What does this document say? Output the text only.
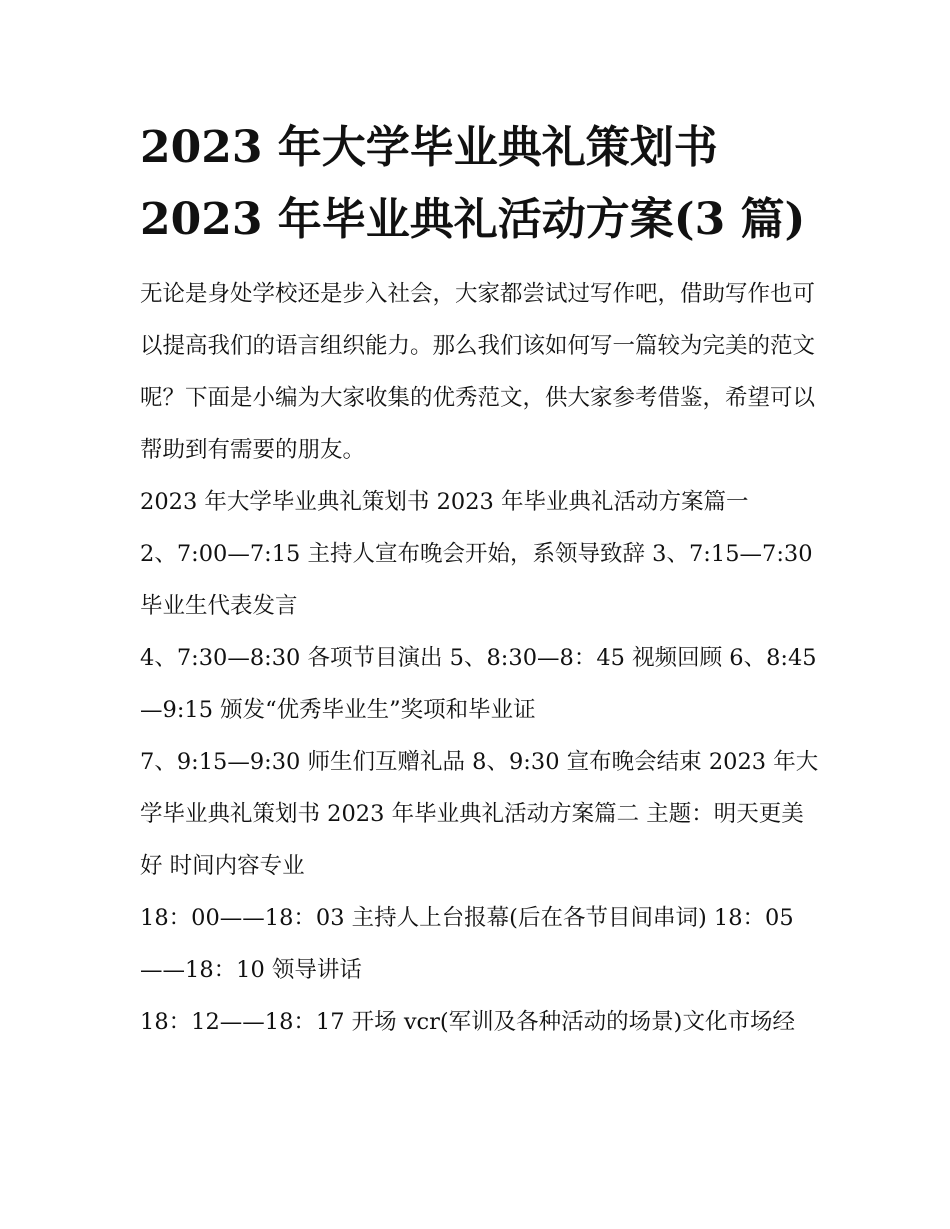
2023 年大学毕业典礼策划书 2023 年毕业典礼活动方案(3 篇)

无论是身处学校还是步入社会，大家都尝试过写作吧，借助写作也可以提高我们的语言组织能力。那么我们该如何写一篇较为完美的范文呢？下面是小编为大家收集的优秀范文，供大家参考借鉴，希望可以帮助到有需要的朋友。

2023 年大学毕业典礼策划书 2023 年毕业典礼活动方案篇一

2、7:00—7:15 主持人宣布晚会开始，系领导致辞 3、7:15—7:30 毕业生代表发言

4、7:30—8:30 各项节目演出 5、8:30—8：45 视频回顾 6、8:45—9:15 颁发“优秀毕业生”奖项和毕业证

7、9:15—9:30 师生们互赠礼品 8、9:30 宣布晚会结束 2023 年大学毕业典礼策划书 2023 年毕业典礼活动方案篇二 主题：明天更美好 时间内容专业

18：00——18：03 主持人上台报幕(后在各节目间串词) 18：05——18：10 领导讲话

18：12——18：17 开场 vcr(军训及各种活动的场景)文化市场经
